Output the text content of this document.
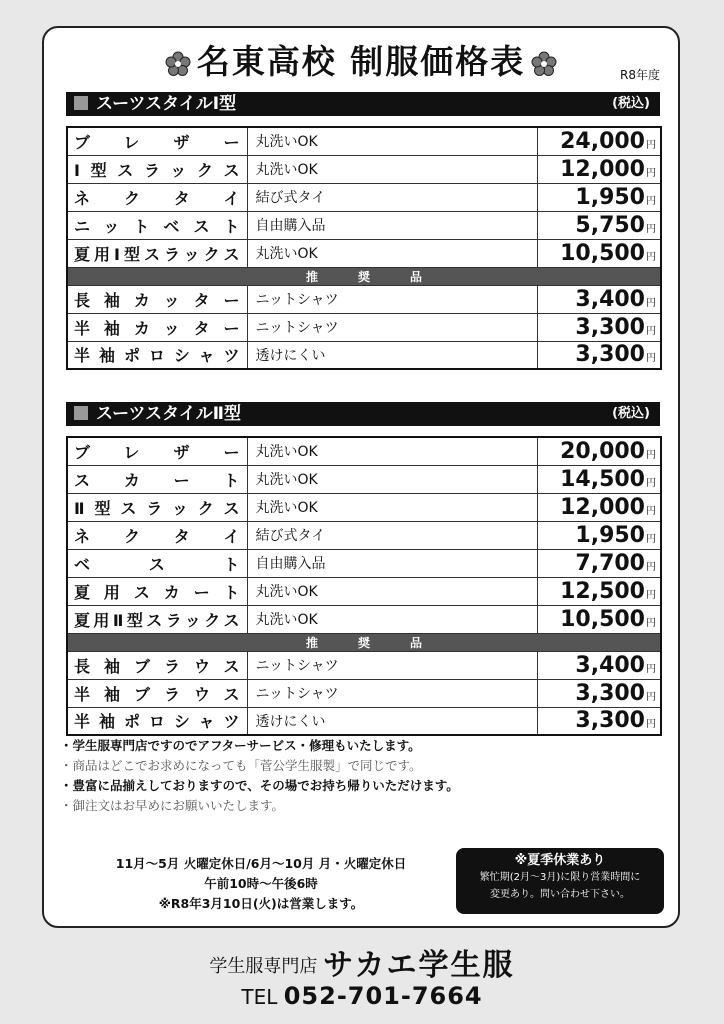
名東高校 制服価格表	R8年度
スーツスタイルⅠ型	(税込)
ブレザー	丸洗いOK	24,000円
Ⅰ型スラックス	丸洗いOK	12,000円
ネクタイ	結び式タイ	1,950円
ニットベスト	自由購入品	5,750円
夏用Ⅰ型スラックス	丸洗いOK	10,500円
推奨品		
長袖カッター	ニットシャツ	3,400円
半袖カッター	ニットシャツ	3,300円
半袖ポロシャツ	透けにくい	3,300円
スーツスタイルⅡ型	(税込)
ブレザー	丸洗いOK	20,000円
スカート	丸洗いOK	14,500円
Ⅱ型スラックス	丸洗いOK	12,000円
ネクタイ	結び式タイ	1,950円
ベスト	自由購入品	7,700円
夏用スカート	丸洗いOK	12,500円
夏用Ⅱ型スラックス	丸洗いOK	10,500円
推奨品		
長袖ブラウス	ニットシャツ	3,400円
半袖ブラウス	ニットシャツ	3,300円
半袖ポロシャツ	透けにくい	3,300円
11月〜5月 火曜定休日/6月〜10月 月・火曜定休日
午前10時〜午後6時
※R8年3月10日(火)は営業します。
※夏季休業あり
繁忙期(2月〜3月)に限り営業時間に
変更あり。問い合わせ下さい。
・学生服専門店ですのでアフターサービス・修理もいたします。
・商品はどこでお求めになっても「菅公学生服製」で同じです。
・豊富に品揃えしておりますので、その場でお持ち帰りいただけます。
・御注文はお早めにお願いいたします。
学生服専門店 サカエ学生服
TEL 052-701-7664
